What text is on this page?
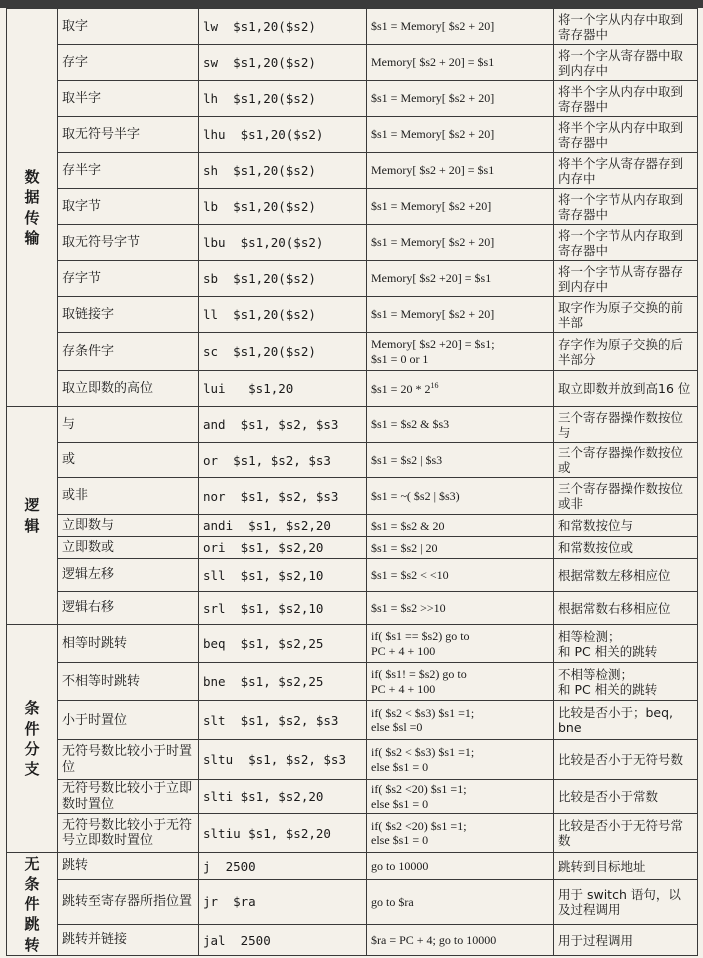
数据传输	取字	lw  $s1,20($s2)	$s1 = Memory[ $s2 + 20]	将一个字从内存中取到寄存器中

	存字	sw  $s1,20($s2)	Memory[ $s2 + 20] = $s1	将一个字从寄存器中取到内存中

	取半字	lh  $s1,20($s2)	$s1 = Memory[ $s2 + 20]	将半个字从内存中取到寄存器中

	取无符号半字	lhu  $s1,20($s2)	$s1 = Memory[ $s2 + 20]	将半个字从内存中取到寄存器中

	存半字	sh  $s1,20($s2)	Memory[ $s2 + 20] = $s1	将半个字从寄存器存到内存中

	取字节	lb  $s1,20($s2)	$s1 = Memory[ $s2 +20]	将一个字节从内存取到寄存器中

	取无符号字节	lbu  $s1,20($s2)	$s1 = Memory[ $s2 + 20]	将一个字节从内存取到寄存器中

	存字节	sb  $s1,20($s2)	Memory[ $s2 +20] = $s1	将一个字节从寄存器存到内存中

	取链接字	ll  $s1,20($s2)	$s1 = Memory[ $s2 + 20]	取字作为原子交换的前半部

	存条件字	sc  $s1,20($s2)	Memory[ $s2 +20] = $s1;
$s1 = 0 or 1	存字作为原子交换的后半部分

	取立即数的高位	lui   $s1,20	$s1 = $20 * 2^{16}$	取立即数并放到高16 位

逻辑	与	and  $s1, $s2, $s3	$s1 = $s2 & $s3	三个寄存器操作数按位与

	或	or  $s1, $s2, $s3	$s1 = $s2 | $s3	三个寄存器操作数按位或

	或非	nor  $s1, $s2, $s3	$s1 = ~( $s2 | $s3)	三个寄存器操作数按位或非

	立即数与	andi  $s1, $s2,20	$s1 = $s2 & 20	和常数按位与

	立即数或	ori  $s1, $s2,20	$s1 = $s2 | 20	和常数按位或

	逻辑左移	sll  $s1, $s2,10	$s1 = $s2 < <10	根据常数左移相应位

	逻辑右移	srl  $s1, $s2,10	$s1 = $s2 >>10	根据常数右移相应位

条件分支	相等时跳转	beq  $s1, $s2,25	if( $s1 == $s2) go to
PC + 4 + 100	相等检测；
和 PC 相关的跳转

	不相等时跳转	bne  $s1, $s2,25	if( $s1! = $s2) go to
PC + 4 + 100	不相等检测；
和 PC 相关的跳转

	小于时置位	slt  $s1, $s2, $s3	if( $s2 < $s3) $s1 =1;
else $sl =0	比较是否小于；beq, bne

	无符号数比较小于时置位	sltu  $s1, $s2, $s3	if( $s2 < $s3) $s1 =1;
else $s1 = 0	比较是否小于无符号数

	无符号数比较小于立即数时置位	slti $s1, $s2,20	if( $s2 <20) $s1 =1;
else $s1 = 0	比较是否小于常数

	无符号数比较小于无符号立即数时置位	sltiu $s1, $s2,20	if( $s2 <20) $s1 =1;
else $s1 = 0	比较是否小于无符号常数

无条件跳转	跳转	j  2500	go to 10000	跳转到目标地址

	跳转至寄存器所指位置	jr  $ra	go to $ra	用于 switch 语句，以及过程调用

	跳转并链接	jal  2500	$ra = PC + 4; go to 10000	用于过程调用
